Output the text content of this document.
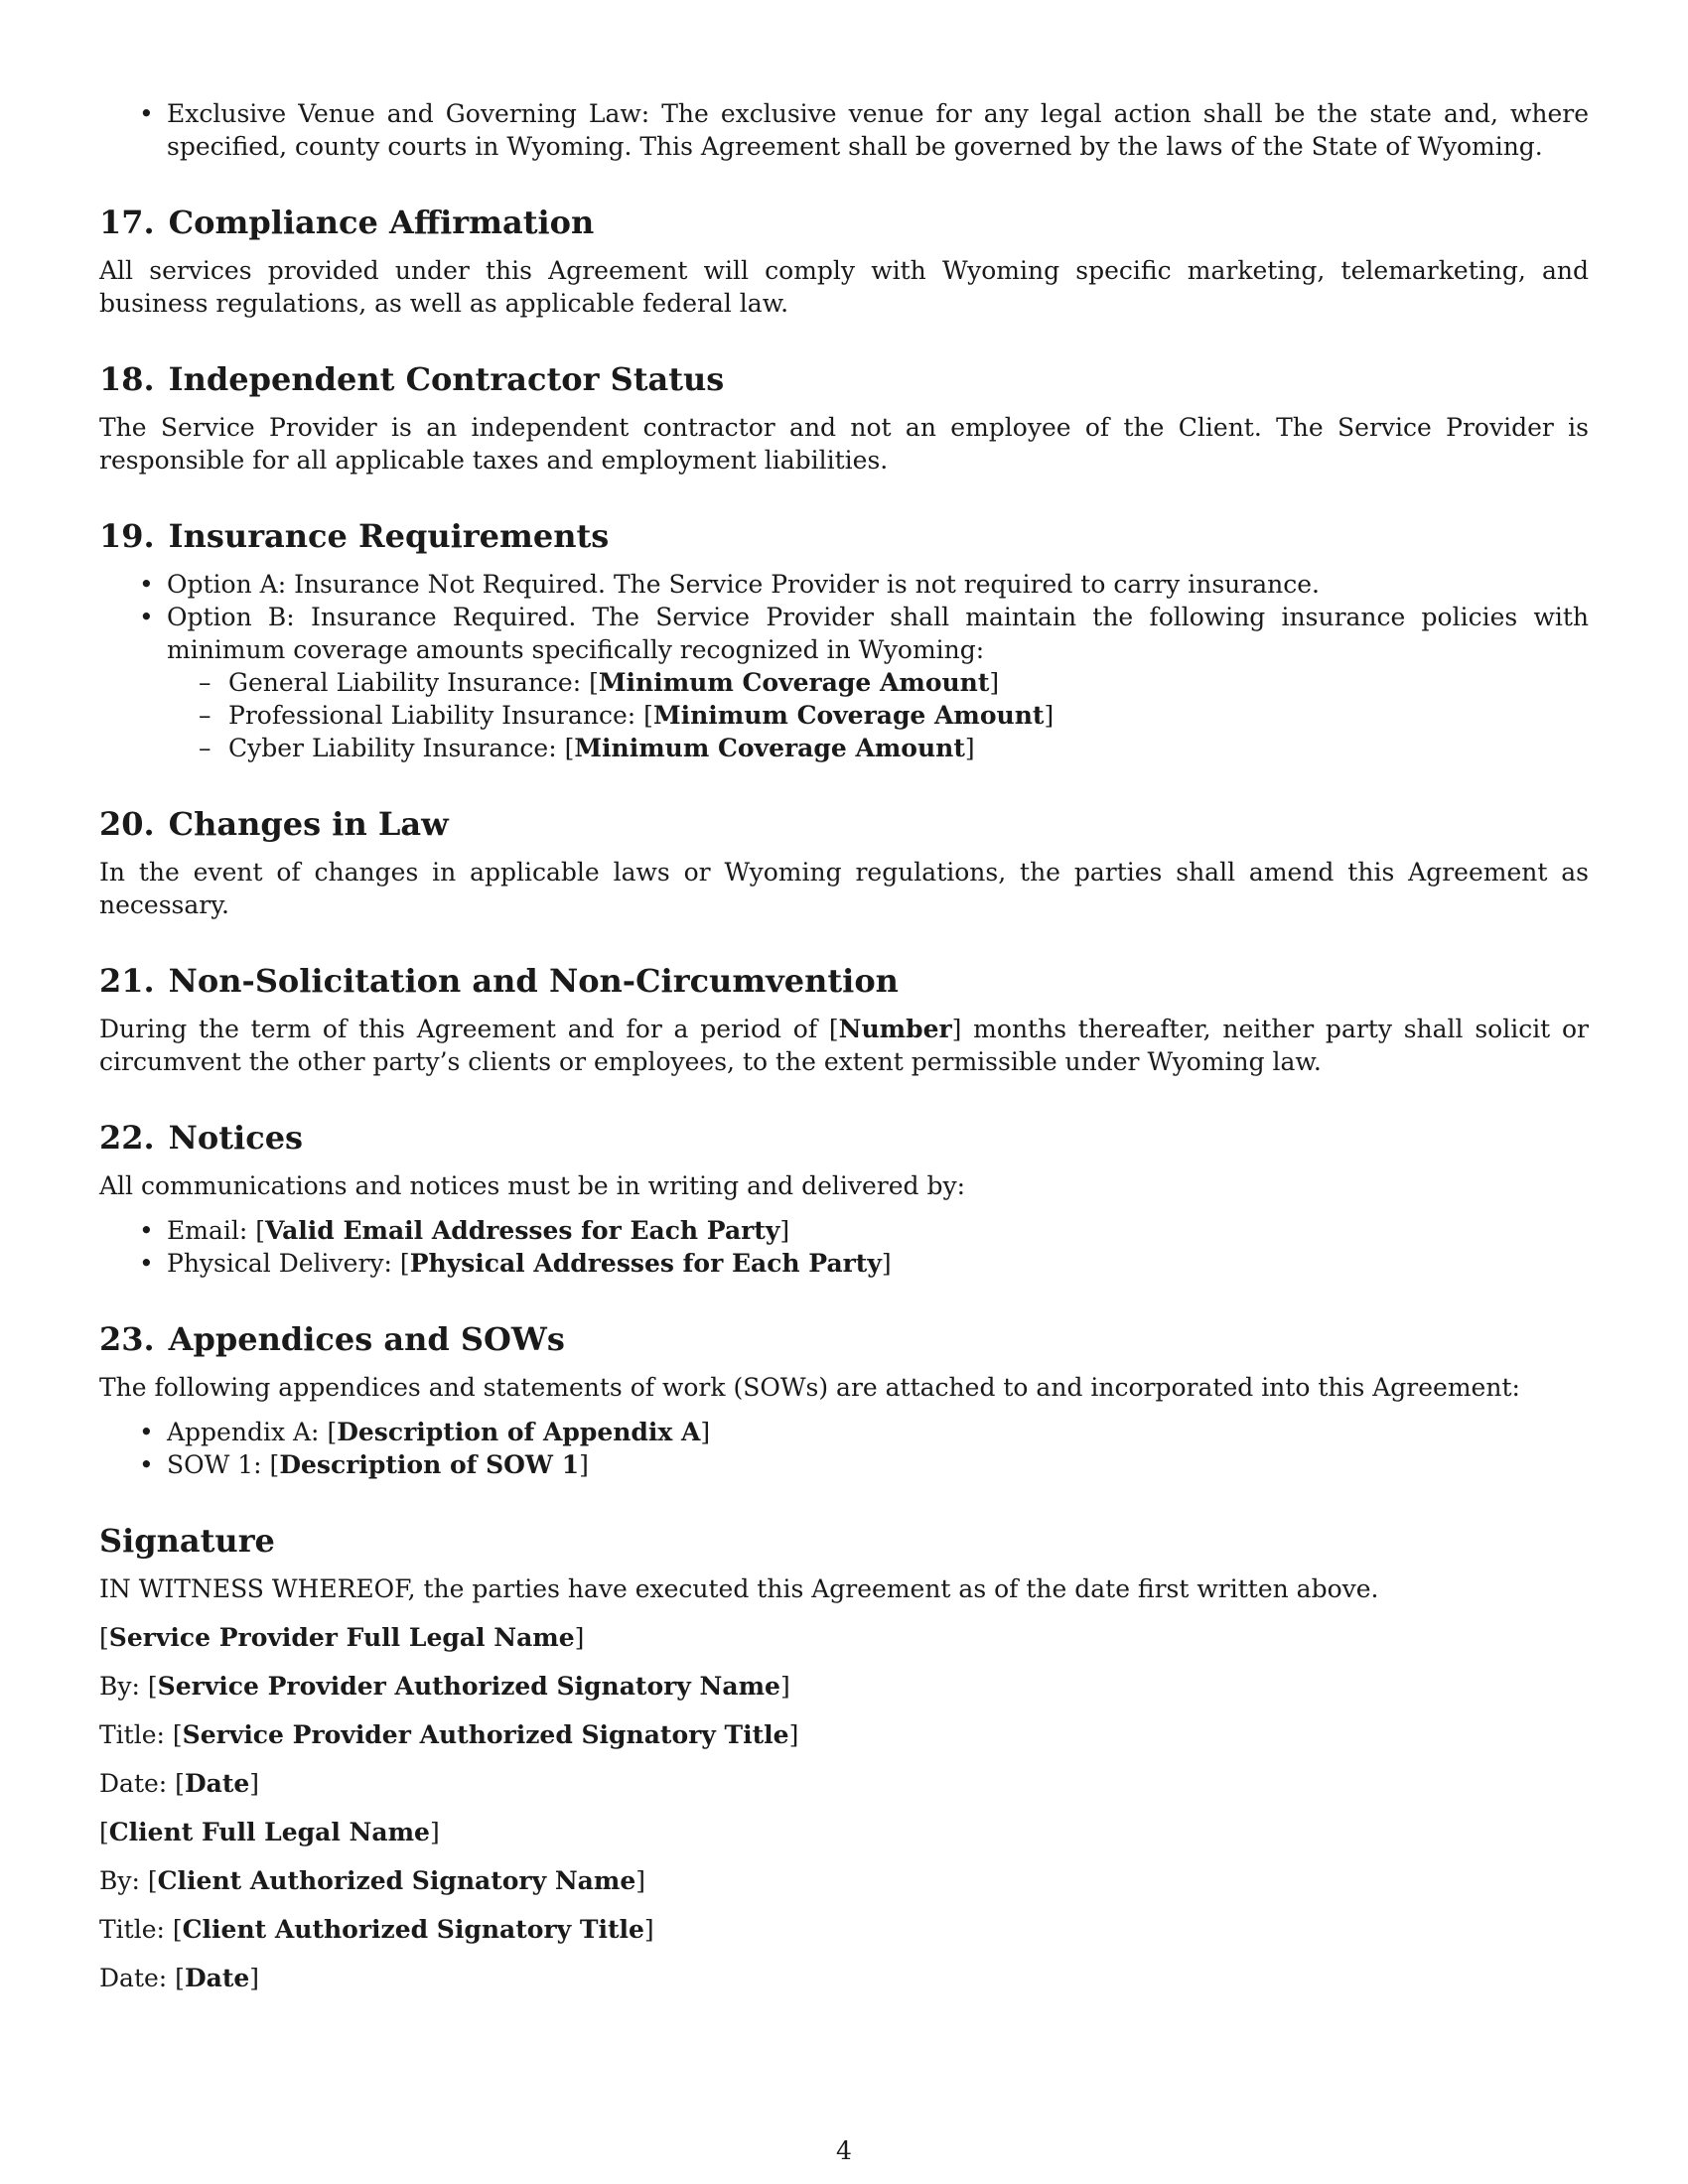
• Exclusive Venue and Governing Law: The exclusive venue for any legal action shall be the state and, where specified, county courts in Wyoming. This Agreement shall be governed by the laws of the State of Wyoming.
17. Compliance Affirmation

All services provided under this Agreement will comply with Wyoming specific marketing, telemarketing, and business regulations, as well as applicable federal law.

18. Independent Contractor Status

The Service Provider is an independent contractor and not an employee of the Client. The Service Provider is responsible for all applicable taxes and employment liabilities.

19. Insurance Requirements
• Option A: Insurance Not Required. The Service Provider is not required to carry insurance.
• Option B: Insurance Required. The Service Provider shall maintain the following insurance policies with minimum coverage amounts specifically recognized in Wyoming:
– General Liability Insurance: [Minimum Coverage Amount]
– Professional Liability Insurance: [Minimum Coverage Amount]
– Cyber Liability Insurance: [Minimum Coverage Amount]
20. Changes in Law

In the event of changes in applicable laws or Wyoming regulations, the parties shall amend this Agreement as necessary.

21. Non-Solicitation and Non-Circumvention

During the term of this Agreement and for a period of [Number] months thereafter, neither party shall solicit or circumvent the other party’s clients or employees, to the extent permissible under Wyoming law.

22. Notices

All communications and notices must be in writing and delivered by:

• Email: [Valid Email Addresses for Each Party]
• Physical Delivery: [Physical Addresses for Each Party]
23. Appendices and SOWs

The following appendices and statements of work (SOWs) are attached to and incorporated into this Agreement:

• Appendix A: [Description of Appendix A]
• SOW 1: [Description of SOW 1]
Signature

IN WITNESS WHEREOF, the parties have executed this Agreement as of the date first written above.

[Service Provider Full Legal Name]

By: [Service Provider Authorized Signatory Name]

Title: [Service Provider Authorized Signatory Title]

Date: [Date]

[Client Full Legal Name]

By: [Client Authorized Signatory Name]

Title: [Client Authorized Signatory Title]

Date: [Date]

4
